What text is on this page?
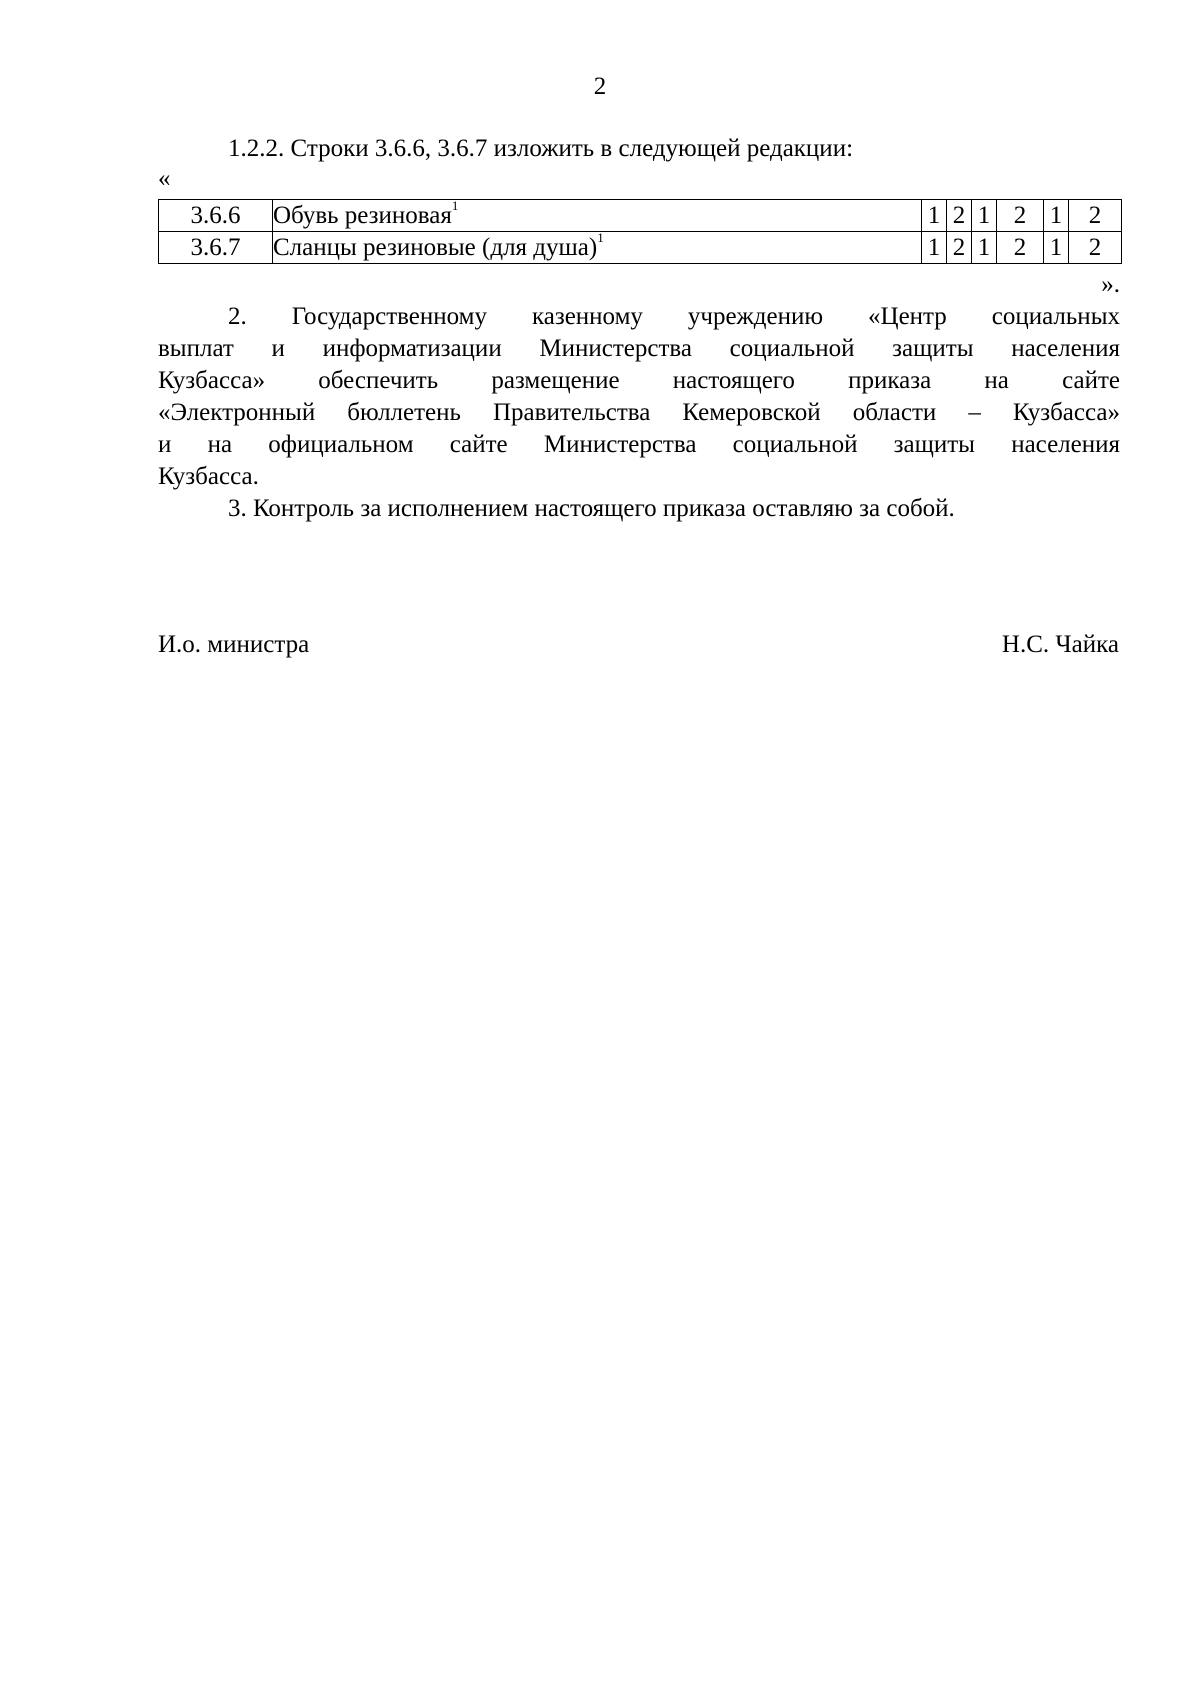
2
1.2.2. Строки 3.6.6, 3.6.7 изложить в следующей редакции:
«
3.6.6	Обувь резиновая$^1$	1	2	1	2	1	2
3.6.7	Сланцы резиновые (для душа)$^1$	1	2	1	2	1	2
».
2. Государственному казенному учреждению «Центр социальных
выплат и информатизации Министерства социальной защиты населения
Кузбасса» обеспечить размещение настоящего приказа на сайте
«Электронный бюллетень Правительства Кемеровской области – Кузбасса»
и на официальном сайте Министерства социальной защиты населения
Кузбасса.
3. Контроль за исполнением настоящего приказа оставляю за собой.
И.о. министра	Н.С. Чайка
